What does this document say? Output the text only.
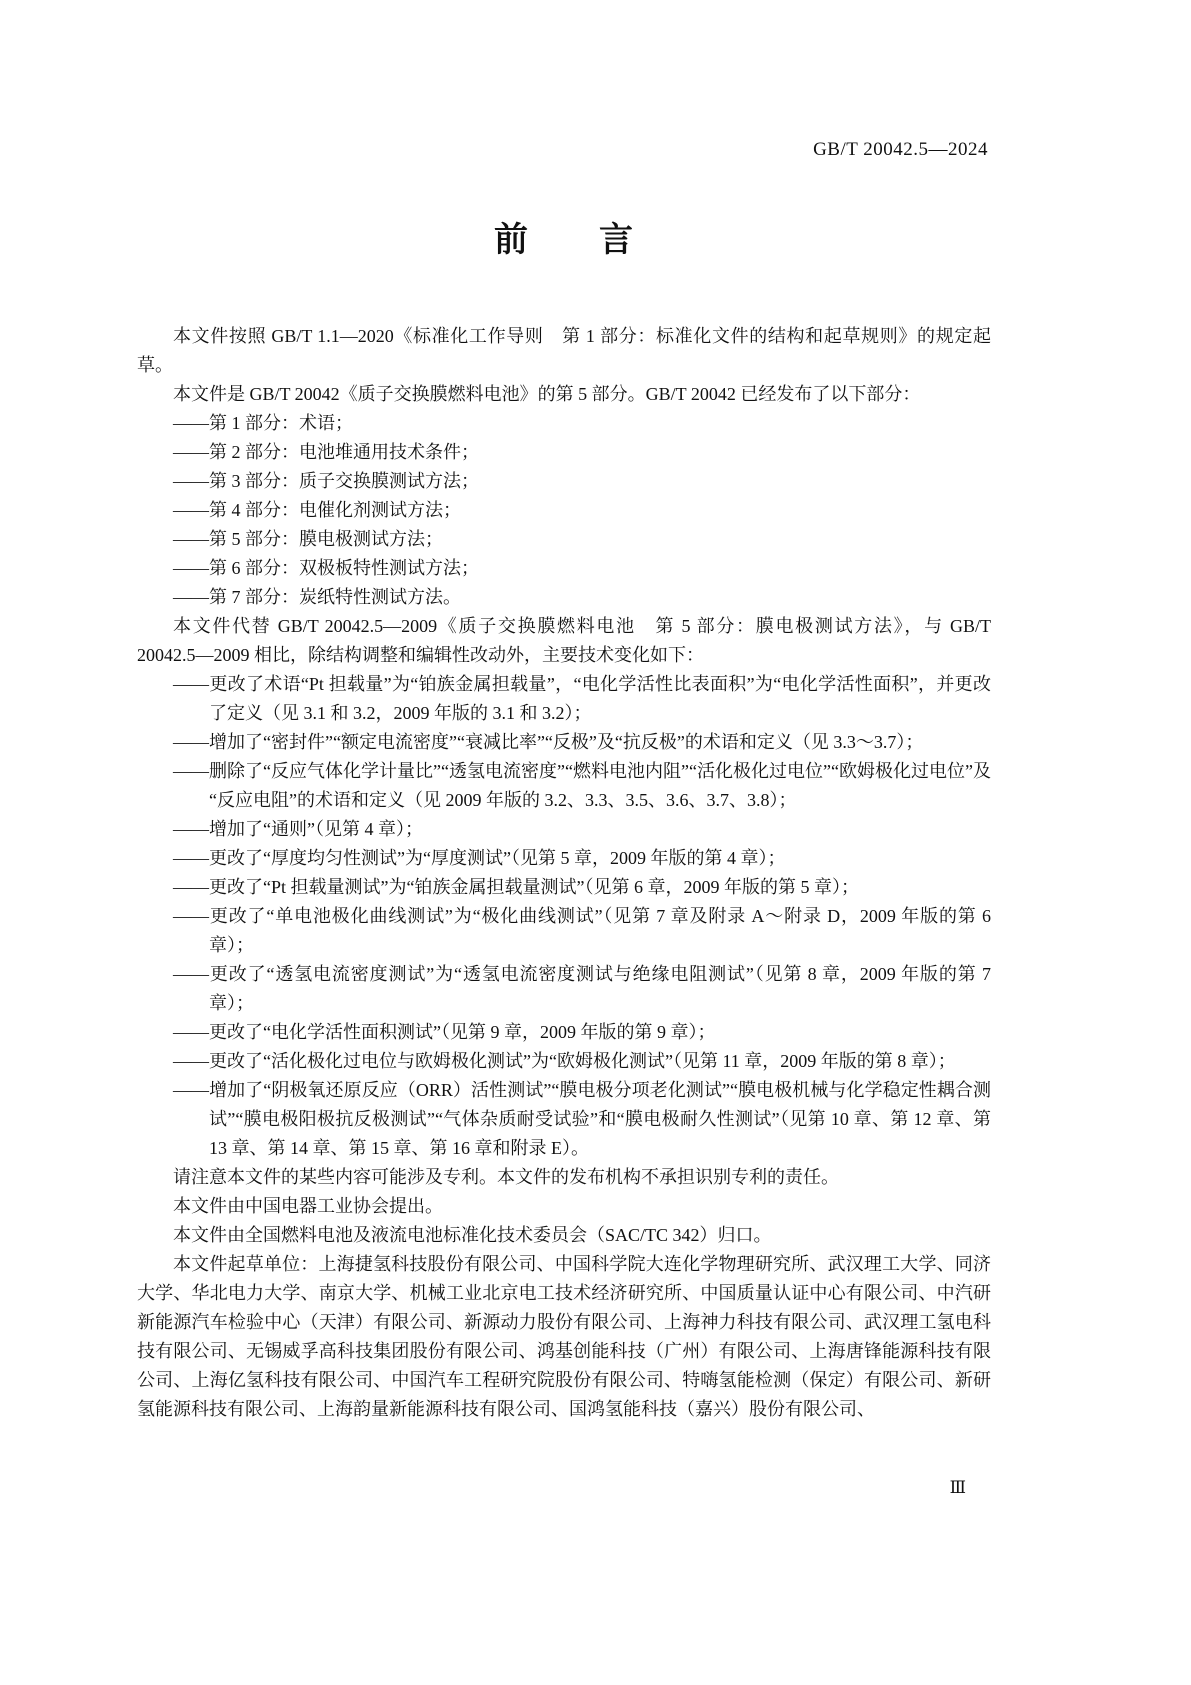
GB/T 20042.5—2024
前　　言

本文件按照 GB/T 1.1—2020《标准化工作导则　第 1 部分：标准化文件的结构和起草规则》的规定起草。

本文件是 GB/T 20042《质子交换膜燃料电池》的第 5 部分。GB/T 20042 已经发布了以下部分：

——第 1 部分：术语；

——第 2 部分：电池堆通用技术条件；

——第 3 部分：质子交换膜测试方法；

——第 4 部分：电催化剂测试方法；

——第 5 部分：膜电极测试方法；

——第 6 部分：双极板特性测试方法；

——第 7 部分：炭纸特性测试方法。

本文件代替 GB/T 20042.5—2009《质子交换膜燃料电池　第 5 部分：膜电极测试方法》，与 GB/T 20042.5—2009 相比，除结构调整和编辑性改动外，主要技术变化如下：

——更改了术语“Pt 担载量”为“铂族金属担载量”，“电化学活性比表面积”为“电化学活性面积”，并更改了定义（见 3.1 和 3.2，2009 年版的 3.1 和 3.2）；

——增加了“密封件”“额定电流密度”“衰减比率”“反极”及“抗反极”的术语和定义（见 3.3～3.7）；

——删除了“反应气体化学计量比”“透氢电流密度”“燃料电池内阻”“活化极化过电位”“欧姆极化过电位”及“反应电阻”的术语和定义（见 2009 年版的 3.2、3.3、3.5、3.6、3.7、3.8）；

——增加了“通则”（见第 4 章）；

——更改了“厚度均匀性测试”为“厚度测试”（见第 5 章，2009 年版的第 4 章）；

——更改了“Pt 担载量测试”为“铂族金属担载量测试”（见第 6 章，2009 年版的第 5 章）；

——更改了“单电池极化曲线测试”为“极化曲线测试”（见第 7 章及附录 A～附录 D，2009 年版的第 6 章）；

——更改了“透氢电流密度测试”为“透氢电流密度测试与绝缘电阻测试”（见第 8 章，2009 年版的第 7 章）；

——更改了“电化学活性面积测试”（见第 9 章，2009 年版的第 9 章）；

——更改了“活化极化过电位与欧姆极化测试”为“欧姆极化测试”（见第 11 章，2009 年版的第 8 章）；

——增加了“阴极氧还原反应（ORR）活性测试”“膜电极分项老化测试”“膜电极机械与化学稳定性耦合测试”“膜电极阳极抗反极测试”“气体杂质耐受试验”和“膜电极耐久性测试”（见第 10 章、第 12 章、第 13 章、第 14 章、第 15 章、第 16 章和附录 E）。

请注意本文件的某些内容可能涉及专利。本文件的发布机构不承担识别专利的责任。

本文件由中国电器工业协会提出。

本文件由全国燃料电池及液流电池标准化技术委员会（SAC/TC 342）归口。

本文件起草单位：上海捷氢科技股份有限公司、中国科学院大连化学物理研究所、武汉理工大学、同济大学、华北电力大学、南京大学、机械工业北京电工技术经济研究所、中国质量认证中心有限公司、中汽研新能源汽车检验中心（天津）有限公司、新源动力股份有限公司、上海神力科技有限公司、武汉理工氢电科技有限公司、无锡威孚高科技集团股份有限公司、鸿基创能科技（广州）有限公司、上海唐锋能源科技有限公司、上海亿氢科技有限公司、中国汽车工程研究院股份有限公司、特嗨氢能检测（保定）有限公司、新研氢能源科技有限公司、上海韵量新能源科技有限公司、国鸿氢能科技（嘉兴）股份有限公司、

Ⅲ
